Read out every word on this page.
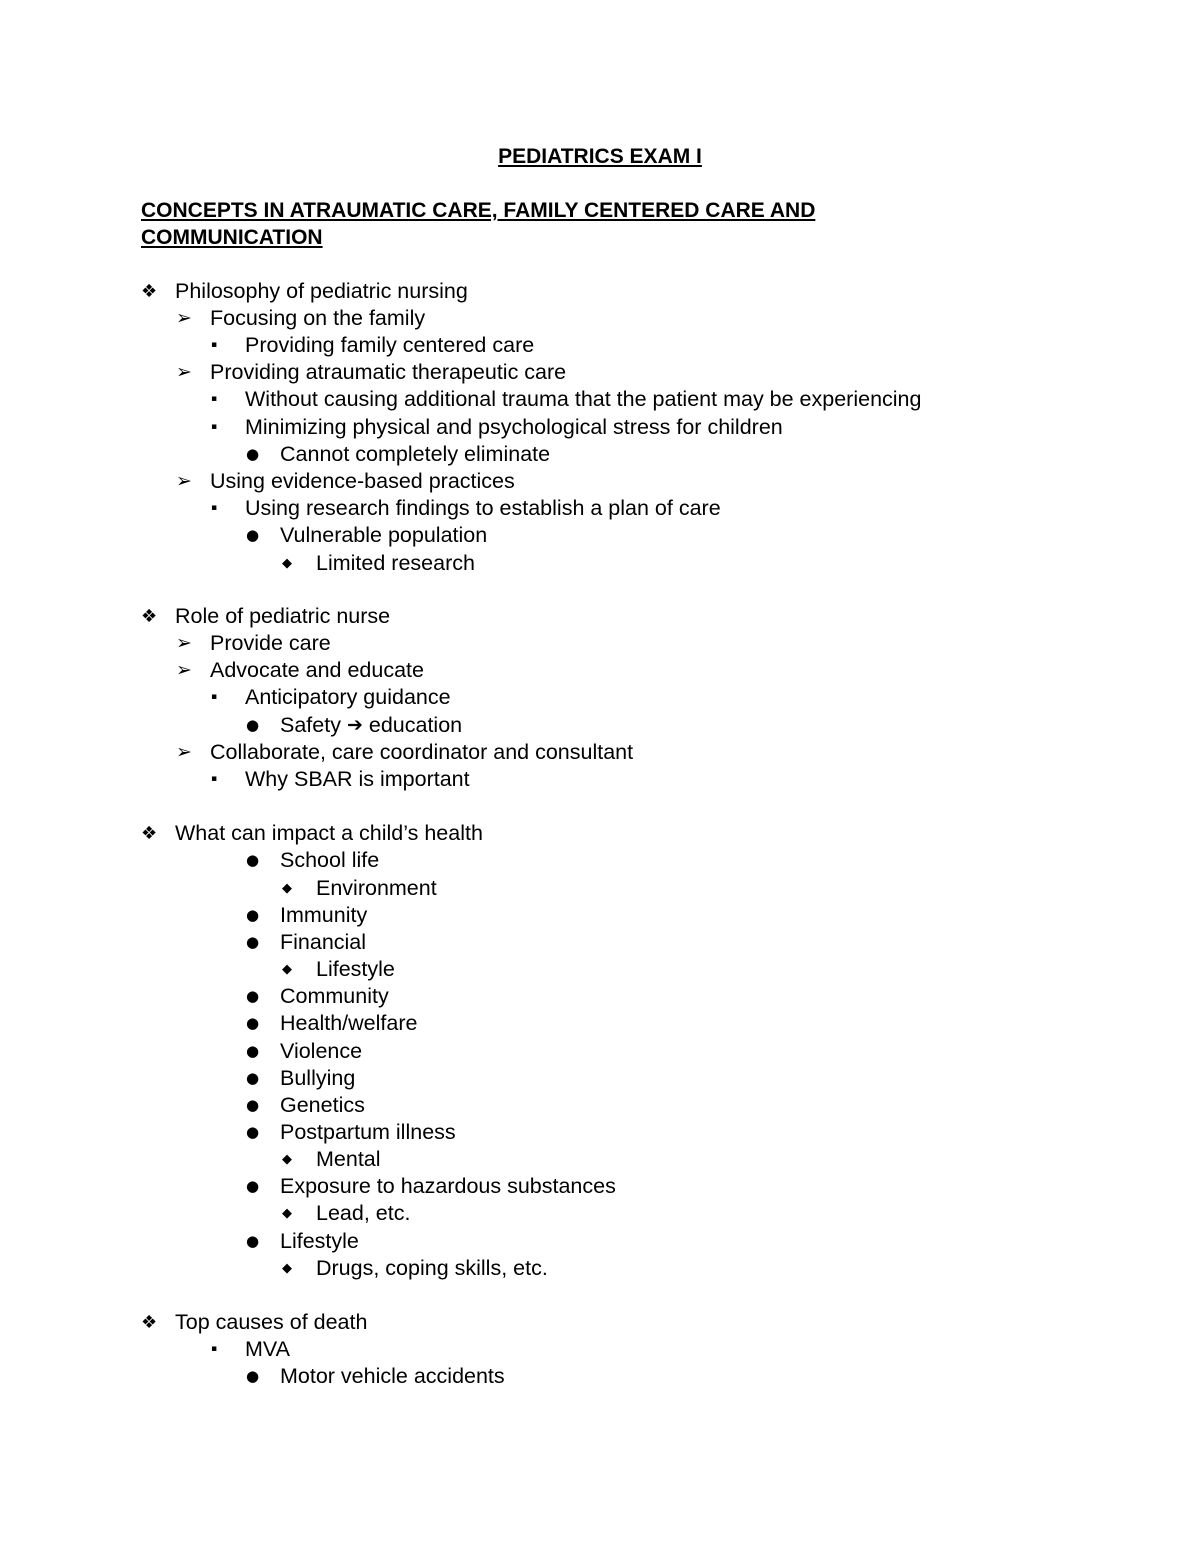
PEDIATRICS EXAM I
CONCEPTS IN ATRAUMATIC CARE, FAMILY CENTERED CARE AND
COMMUNICATION
❖ Philosophy of pediatric nursing
➢ Focusing on the family
▪	Providing family centered care
➢ Providing atraumatic therapeutic care
▪	Without causing additional trauma that the patient may be experiencing
▪	Minimizing physical and psychological stress for children
● Cannot completely eliminate
➢ Using evidence-based practices
▪	Using research findings to establish a plan of care
● Vulnerable population
◆	Limited research
❖ Role of pediatric nurse
➢ Provide care
➢ Advocate and educate
▪	Anticipatory guidance
● Safety ➔ education
➢ Collaborate, care coordinator and consultant
▪	Why SBAR is important
❖ What can impact a child’s health
● School life
◆	Environment
● Immunity
● Financial
◆	Lifestyle
● Community
● Health/welfare
● Violence
● Bullying
● Genetics
● Postpartum illness
◆	Mental
● Exposure to hazardous substances
◆	Lead, etc.
● Lifestyle
◆	Drugs, coping skills, etc.
❖ Top causes of death
▪	MVA
● Motor vehicle accidents
